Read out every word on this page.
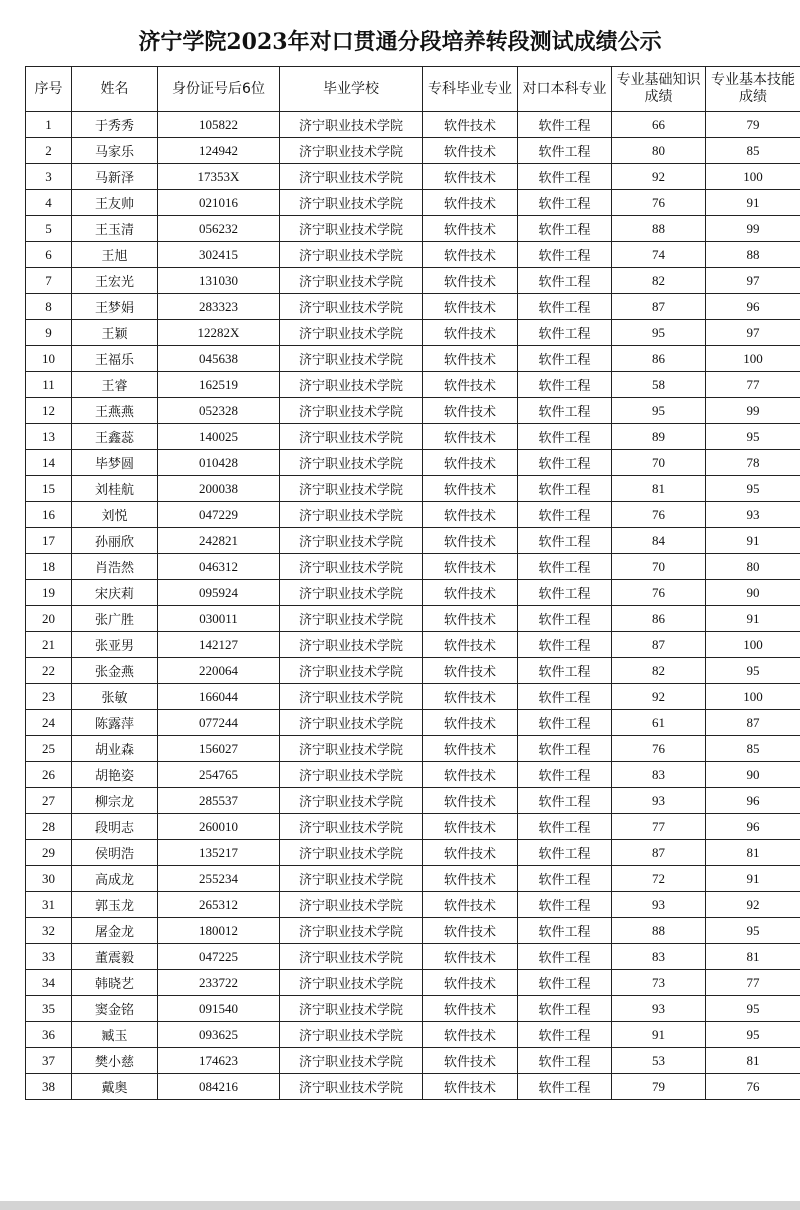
济宁学院2023年对口贯通分段培养转段测试成绩公示
序号	姓名	身份证号后6位	毕业学校	专科毕业专业	对口本科专业	专业基础知识成绩	专业基本技能成绩
1	于秀秀	105822	济宁职业技术学院	软件技术	软件工程	66	79
2	马家乐	124942	济宁职业技术学院	软件技术	软件工程	80	85
3	马新泽	17353X	济宁职业技术学院	软件技术	软件工程	92	100
4	王友帅	021016	济宁职业技术学院	软件技术	软件工程	76	91
5	王玉清	056232	济宁职业技术学院	软件技术	软件工程	88	99
6	王旭	302415	济宁职业技术学院	软件技术	软件工程	74	88
7	王宏光	131030	济宁职业技术学院	软件技术	软件工程	82	97
8	王梦娟	283323	济宁职业技术学院	软件技术	软件工程	87	96
9	王颖	12282X	济宁职业技术学院	软件技术	软件工程	95	97
10	王福乐	045638	济宁职业技术学院	软件技术	软件工程	86	100
11	王睿	162519	济宁职业技术学院	软件技术	软件工程	58	77
12	王燕燕	052328	济宁职业技术学院	软件技术	软件工程	95	99
13	王鑫蕊	140025	济宁职业技术学院	软件技术	软件工程	89	95
14	毕梦圆	010428	济宁职业技术学院	软件技术	软件工程	70	78
15	刘桂航	200038	济宁职业技术学院	软件技术	软件工程	81	95
16	刘悦	047229	济宁职业技术学院	软件技术	软件工程	76	93
17	孙丽欣	242821	济宁职业技术学院	软件技术	软件工程	84	91
18	肖浩然	046312	济宁职业技术学院	软件技术	软件工程	70	80
19	宋庆莉	095924	济宁职业技术学院	软件技术	软件工程	76	90
20	张广胜	030011	济宁职业技术学院	软件技术	软件工程	86	91
21	张亚男	142127	济宁职业技术学院	软件技术	软件工程	87	100
22	张金燕	220064	济宁职业技术学院	软件技术	软件工程	82	95
23	张敏	166044	济宁职业技术学院	软件技术	软件工程	92	100
24	陈露萍	077244	济宁职业技术学院	软件技术	软件工程	61	87
25	胡业森	156027	济宁职业技术学院	软件技术	软件工程	76	85
26	胡艳姿	254765	济宁职业技术学院	软件技术	软件工程	83	90
27	柳宗龙	285537	济宁职业技术学院	软件技术	软件工程	93	96
28	段明志	260010	济宁职业技术学院	软件技术	软件工程	77	96
29	侯明浩	135217	济宁职业技术学院	软件技术	软件工程	87	81
30	高成龙	255234	济宁职业技术学院	软件技术	软件工程	72	91
31	郭玉龙	265312	济宁职业技术学院	软件技术	软件工程	93	92
32	屠金龙	180012	济宁职业技术学院	软件技术	软件工程	88	95
33	董震毅	047225	济宁职业技术学院	软件技术	软件工程	83	81
34	韩晓艺	233722	济宁职业技术学院	软件技术	软件工程	73	77
35	窦金铭	091540	济宁职业技术学院	软件技术	软件工程	93	95
36	臧玉	093625	济宁职业技术学院	软件技术	软件工程	91	95
37	樊小慈	174623	济宁职业技术学院	软件技术	软件工程	53	81
38	戴奥	084216	济宁职业技术学院	软件技术	软件工程	79	76
